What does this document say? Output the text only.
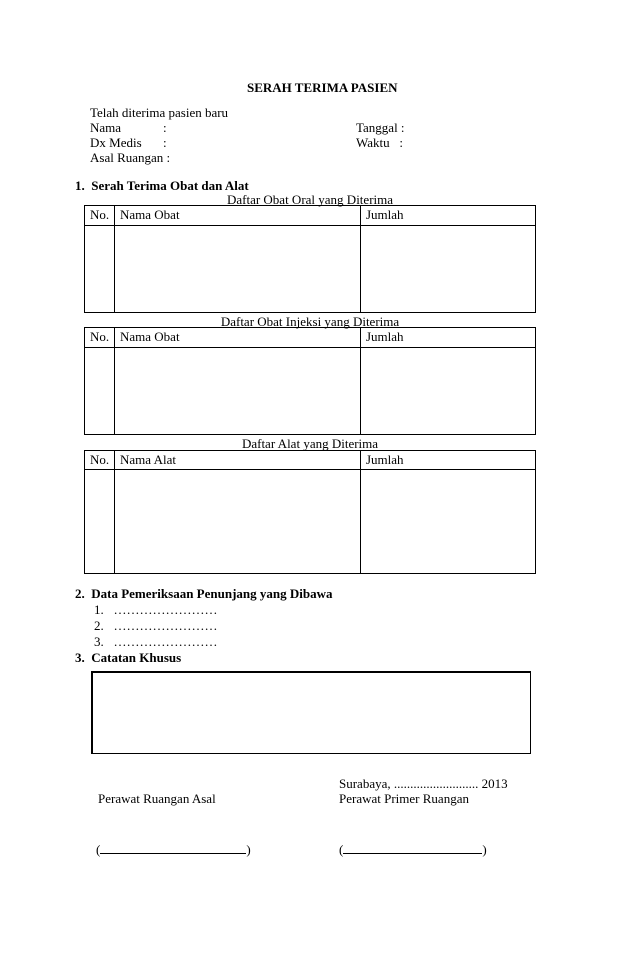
SERAH TERIMA PASIEN
Telah diterima pasien baru
Nama	:	Tanggal :
Dx Medis :	Waktu   :
Asal Ruangan :
1.  Serah Terima Obat dan Alat
Daftar Obat Oral yang Diterima
No.	Nama Obat	Jumlah

Daftar Obat Injeksi yang Diterima
No.	Nama Obat	Jumlah

Daftar Alat yang Diterima
No.	Nama Alat	Jumlah

2.  Data Pemeriksaan Penunjang yang Dibawa
1.   ……………………
2.   ……………………
3.   ……………………
3.  Catatan Khusus
Surabaya, .......................... 2013
Perawat Ruangan Asal	Perawat Primer Ruangan
(	)	(	)
